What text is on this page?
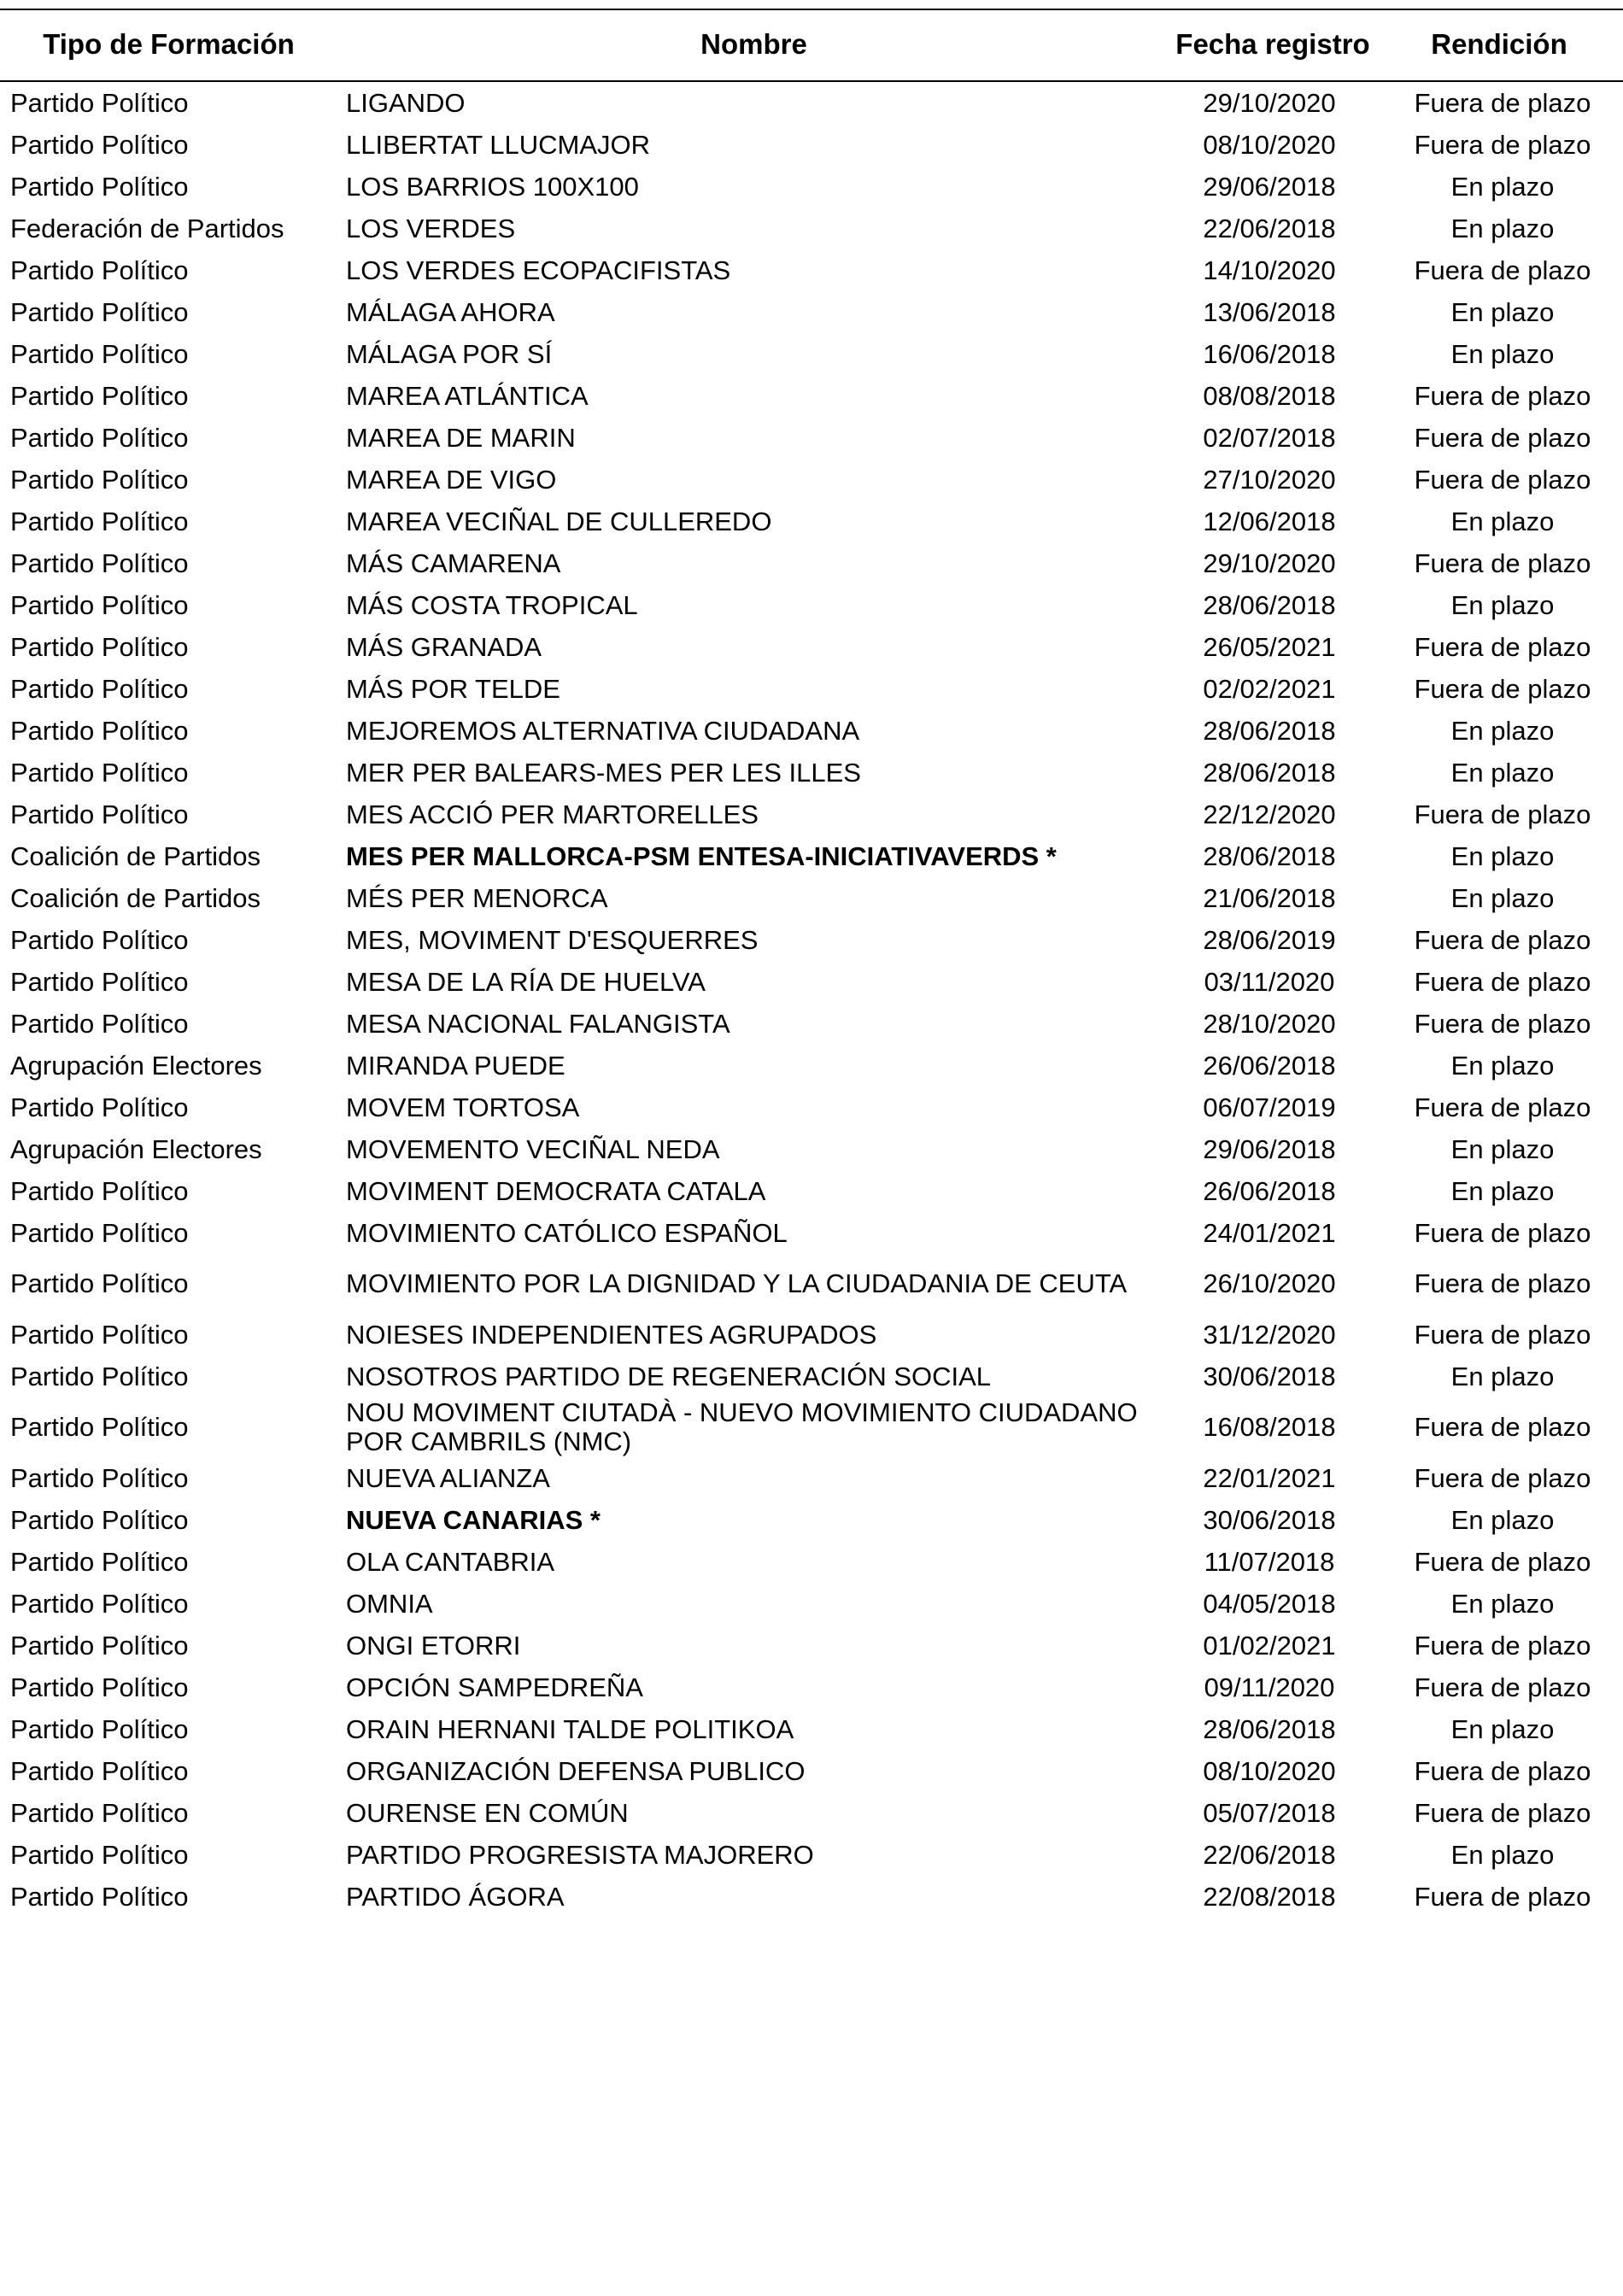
Tipo de Formación	Nombre	Fecha registro	Rendición
Partido Político	LIGANDO	29/10/2020	Fuera de plazo
Partido Político	LLIBERTAT LLUCMAJOR	08/10/2020	Fuera de plazo
Partido Político	LOS BARRIOS 100X100	29/06/2018	En plazo
Federación de Partidos	LOS VERDES	22/06/2018	En plazo
Partido Político	LOS VERDES ECOPACIFISTAS	14/10/2020	Fuera de plazo
Partido Político	MÁLAGA AHORA	13/06/2018	En plazo
Partido Político	MÁLAGA POR SÍ	16/06/2018	En plazo
Partido Político	MAREA ATLÁNTICA	08/08/2018	Fuera de plazo
Partido Político	MAREA DE MARIN	02/07/2018	Fuera de plazo
Partido Político	MAREA DE VIGO	27/10/2020	Fuera de plazo
Partido Político	MAREA VECIÑAL DE CULLEREDO	12/06/2018	En plazo
Partido Político	MÁS CAMARENA	29/10/2020	Fuera de plazo
Partido Político	MÁS COSTA TROPICAL	28/06/2018	En plazo
Partido Político	MÁS GRANADA	26/05/2021	Fuera de plazo
Partido Político	MÁS POR TELDE	02/02/2021	Fuera de plazo
Partido Político	MEJOREMOS ALTERNATIVA CIUDADANA	28/06/2018	En plazo
Partido Político	MER PER BALEARS-MES PER LES ILLES	28/06/2018	En plazo
Partido Político	MES ACCIÓ PER MARTORELLES	22/12/2020	Fuera de plazo
Coalición de Partidos	MES PER MALLORCA-PSM ENTESA-INICIATIVAVERDS *	28/06/2018	En plazo
Coalición de Partidos	MÉS PER MENORCA	21/06/2018	En plazo
Partido Político	MES, MOVIMENT D'ESQUERRES	28/06/2019	Fuera de plazo
Partido Político	MESA DE LA RÍA DE HUELVA	03/11/2020	Fuera de plazo
Partido Político	MESA NACIONAL FALANGISTA	28/10/2020	Fuera de plazo
Agrupación Electores	MIRANDA PUEDE	26/06/2018	En plazo
Partido Político	MOVEM TORTOSA	06/07/2019	Fuera de plazo
Agrupación Electores	MOVEMENTO VECIÑAL NEDA	29/06/2018	En plazo
Partido Político	MOVIMENT DEMOCRATA CATALA	26/06/2018	En plazo
Partido Político	MOVIMIENTO CATÓLICO ESPAÑOL	24/01/2021	Fuera de plazo
Partido Político	MOVIMIENTO POR LA DIGNIDAD Y LA CIUDADANIA DE CEUTA	26/10/2020	Fuera de plazo
Partido Político	NOIESES INDEPENDIENTES AGRUPADOS	31/12/2020	Fuera de plazo
Partido Político	NOSOTROS PARTIDO DE REGENERACIÓN SOCIAL	30/06/2018	En plazo
Partido Político	NOU MOVIMENT CIUTADÀ - NUEVO MOVIMIENTO CIUDADANO POR CAMBRILS (NMC)	16/08/2018	Fuera de plazo
Partido Político	NUEVA ALIANZA	22/01/2021	Fuera de plazo
Partido Político	NUEVA CANARIAS *	30/06/2018	En plazo
Partido Político	OLA CANTABRIA	11/07/2018	Fuera de plazo
Partido Político	OMNIA	04/05/2018	En plazo
Partido Político	ONGI ETORRI	01/02/2021	Fuera de plazo
Partido Político	OPCIÓN SAMPEDREÑA	09/11/2020	Fuera de plazo
Partido Político	ORAIN HERNANI TALDE POLITIKOA	28/06/2018	En plazo
Partido Político	ORGANIZACIÓN DEFENSA PUBLICO	08/10/2020	Fuera de plazo
Partido Político	OURENSE EN COMÚN	05/07/2018	Fuera de plazo
Partido Político	PARTIDO PROGRESISTA MAJORERO	22/06/2018	En plazo
Partido Político	PARTIDO ÁGORA	22/08/2018	Fuera de plazo
